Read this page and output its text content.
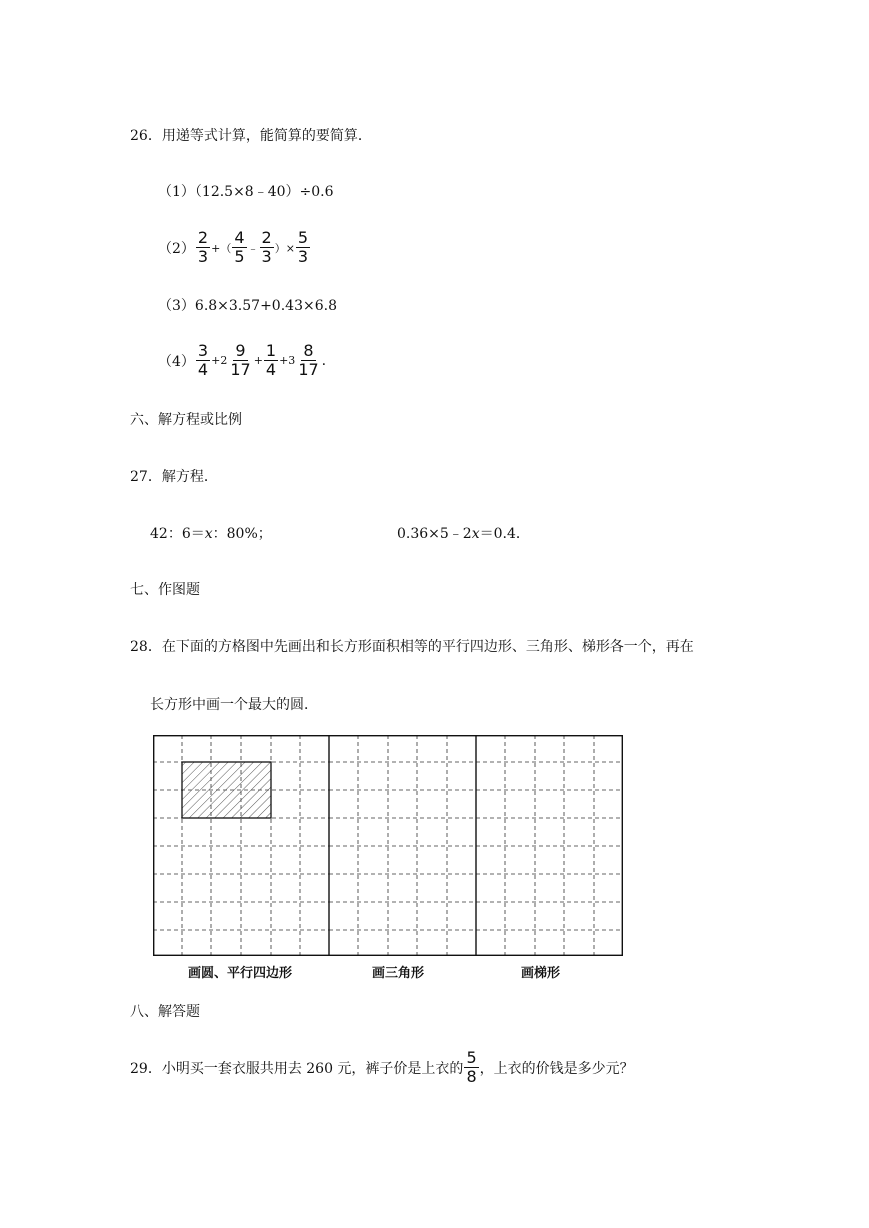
26．用递等式计算，能简算的要简算．
（1）（12.5×8﹣40）÷0.6
$(2) \frac{2}{3}$ +（ $\frac{4}{5}$ ﹣ $\frac{2}{3}$ ）× $\frac{5}{3}$
（3）6.8×3.57+0.43×6.8
$(4) \frac{3}{4} +2 \frac{9}{17} + \frac{1}{4} +3 \frac{8}{17}$ .
六、解方程或比例
27．解方程．
42：6＝x：80%；	0.36×5﹣2x＝0.4．
七、作图题
28．在下面的方格图中先画出和长方形面积相等的平行四边形、三角形、梯形各一个，再在
长方形中画一个最大的圆．
画圆、平行四边形	画三角形	画梯形
八、解答题
29．小明买一套衣服共用去 260 元，裤子价是上衣的 $\frac{5}{8}$ ，上衣的价钱是多少元？
